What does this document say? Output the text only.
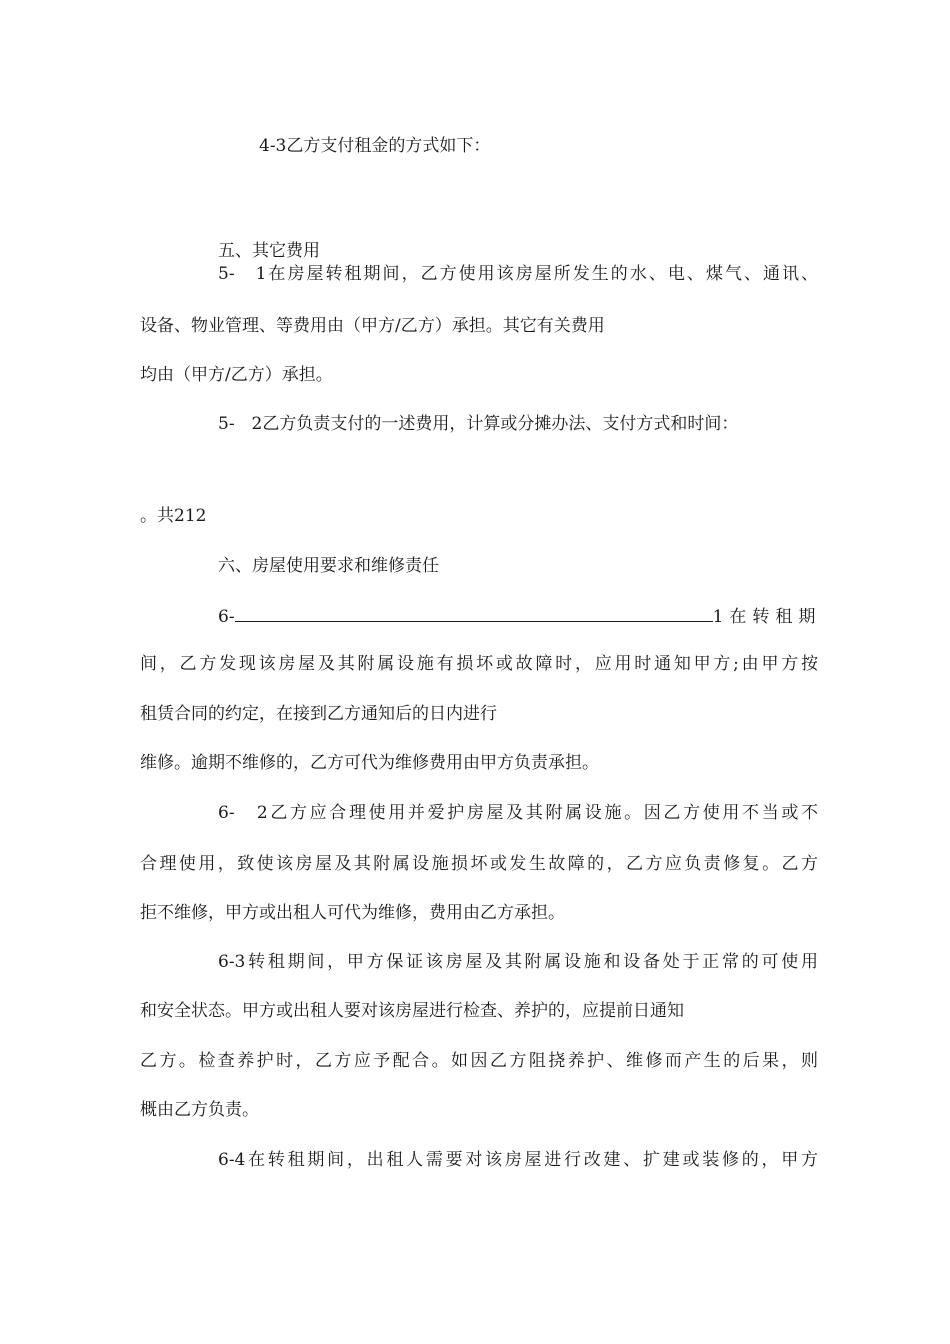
4-3乙方支付租金的方式如下：

五、其它费用

5-　1在房屋转租期间，乙方使用该房屋所发生的水、电、煤气、通讯、

设备、物业管理、等费用由（甲方/乙方）承担。其它有关费用

均由（甲方/乙方）承担。

5-　2乙方负责支付的一述费用，计算或分摊办法、支付方式和时间：

。共212

六、房屋使用要求和维修责任

6-	1在转租期

间，乙方发现该房屋及其附属设施有损坏或故障时，应用时通知甲方;由甲方按

租赁合同的约定，在接到乙方通知后的日内进行

维修。逾期不维修的，乙方可代为维修费用由甲方负责承担。

6-　2乙方应合理使用并爱护房屋及其附属设施。因乙方使用不当或不

合理使用，致使该房屋及其附属设施损坏或发生故障的，乙方应负责修复。乙方

拒不维修，甲方或出租人可代为维修，费用由乙方承担。

6-3转租期间，甲方保证该房屋及其附属设施和设备处于正常的可使用

和安全状态。甲方或出租人要对该房屋进行检查、养护的，应提前日通知

乙方。检查养护时，乙方应予配合。如因乙方阻挠养护、维修而产生的后果，则

概由乙方负责。

6-4在转租期间，出租人需要对该房屋进行改建、扩建或装修的，甲方
